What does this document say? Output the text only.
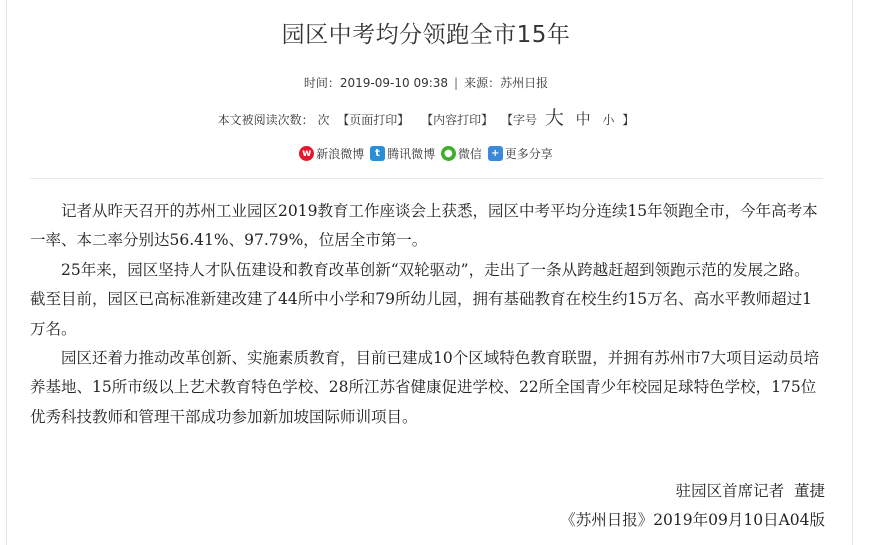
园区中考均分领跑全市15年
时间：2019-09-10 09:38 | 来源：苏州日报
本文被阅读次数： 次 【页面打印】 【内容打印】 【字号 大 中 小 】
w 新浪微博
	t 腾讯微博
● 微信
+ 更多分享

记者从昨天召开的苏州工业园区2019教育工作座谈会上获悉，园区中考平均分连续15年领跑全市，今年高考本一率、本二率分别达56.41%、97.79%，位居全市第一。

25年来，园区坚持人才队伍建设和教育改革创新“双轮驱动”，走出了一条从跨越赶超到领跑示范的发展之路。截至目前，园区已高标准新建改建了44所中小学和79所幼儿园，拥有基础教育在校生约15万名、高水平教师超过1万名。

园区还着力推动改革创新、实施素质教育，目前已建成10个区域特色教育联盟，并拥有苏州市7大项目运动员培养基地、15所市级以上艺术教育特色学校、28所江苏省健康促进学校、22所全国青少年校园足球特色学校，175位优秀科技教师和管理干部成功参加新加坡国际师训项目。

驻园区首席记者  董捷
《苏州日报》2019年09月10日A04版
